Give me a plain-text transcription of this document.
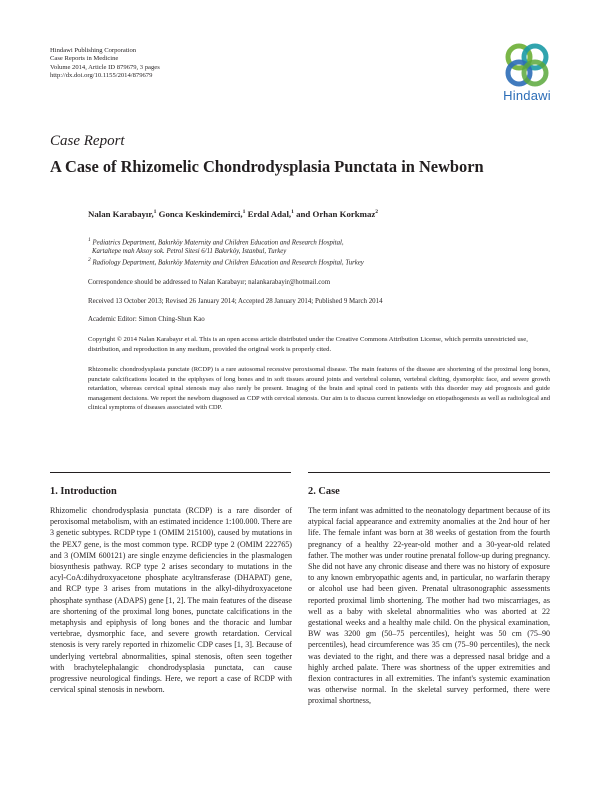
Hindawi Publishing Corporation
Case Reports in Medicine
Volume 2014, Article ID 879679, 3 pages
http://dx.doi.org/10.1155/2014/879679
Hindawi
Case Report
A Case of Rhizomelic Chondrodysplasia Punctata in Newborn
Nalan Karabayır,$^1$ Gonca Keskindemirci,$^1$ Erdal Adal,$^1$ and Orhan Korkmaz$^2$
$^1$ Pediatrics Department, Bakırköy Maternity and Children Education and Research Hospital,
Kartaltepe mah Aksoy sok. Petrol Sitesi 6/11 Bakırköy, Istanbul, Turkey
$^2$ Radiology Department, Bakırköy Maternity and Children Education and Research Hospital, Turkey
Correspondence should be addressed to Nalan Karabayır; nalankarabayir@hotmail.com
Received 13 October 2013; Revised 26 January 2014; Accepted 28 January 2014; Published 9 March 2014
Academic Editor: Simon Ching-Shun Kao
Copyright © 2014 Nalan Karabayır et al. This is an open access article distributed under the Creative Commons Attribution License, which permits unrestricted use, distribution, and reproduction in any medium, provided the original work is properly cited.
Rhizomelic chondrodysplasia punctate (RCDP) is a rare autosomal recessive peroxisomal disease. The main features of the disease are shortening of the proximal long bones, punctate calcifications located in the epiphyses of long bones and in soft tissues around joints and vertebral column, vertebral clefting, dysmorphic face, and severe growth retardation, whereas cervical spinal stenosis may also rarely be present. Imaging of the brain and spinal cord in patients with this disorder may aid prognosis and guide management decisions. We report the newborn diagnosed as CDP with cervical stenosis. Our aim is to discuss current knowledge on etiopathogenesis as well as radiological and clinical symptoms of diseases associated with CDP.
1. Introduction	2. Case
Rhizomelic chondrodysplasia punctata (RCDP) is a rare disorder of peroxisomal metabolism, with an estimated incidence 1:100.000. There are 3 genetic subtypes. RCDP type 1 (OMIM 215100), caused by mutations in the PEX7 gene, is the most common type. RCDP type 2 (OMIM 222765) and 3 (OMIM 600121) are single enzyme deficiencies in the plasmalogen biosynthesis pathway. RCP type 2 arises secondary to mutations in the acyl-CoA:dihydroxyacetone phosphate acyltransferase (DHAPAT) gene, and RCP type 3 arises from mutations in the alkyl-dihydroxyacetone phosphate synthase (ADAPS) gene [1, 2]. The main features of the disease are shortening of the proximal long bones, punctate calcifications in the metaphysis and epiphysis of long bones and the thoracic and lumbar vertebrae, dysmorphic face, and severe growth retardation. Cervical stenosis is very rarely reported in rhizomelic CDP cases [1, 3]. Because of underlying vertebral abnormalities, spinal stenosis, often seen together with brachytelephalangic chondrodysplasia punctata, can cause progressive neurological findings. Here, we report a case of RCDP with cervical spinal stenosis in newborn.
The term infant was admitted to the neonatology department because of its atypical facial appearance and extremity anomalies at the 2nd hour of her life. The female infant was born at 38 weeks of gestation from the fourth pregnancy of a healthy 22-year-old mother and a 30-year-old related father. The mother was under routine prenatal follow-up during pregnancy. She did not have any chronic disease and there was no history of exposure to any known embryopathic agents and, in particular, no warfarin therapy or alcohol use had been given. Prenatal ultrasonographic assessments reported proximal limb shortening. The mother had two miscarriages, as well as a baby with skeletal abnormalities who was aborted at 22 gestational weeks and a healthy male child. On the physical examination, BW was 3200 gm (50–75 percentiles), height was 50 cm (75–90 percentiles), head circumference was 35 cm (75–90 percentiles), the neck was deviated to the right, and there was a depressed nasal bridge and a highly arched palate. There was shortness of the upper extremities and flexion contractures in all extremities. The infant's systemic examination was otherwise normal. In the skeletal survey performed, there were proximal shortness,
